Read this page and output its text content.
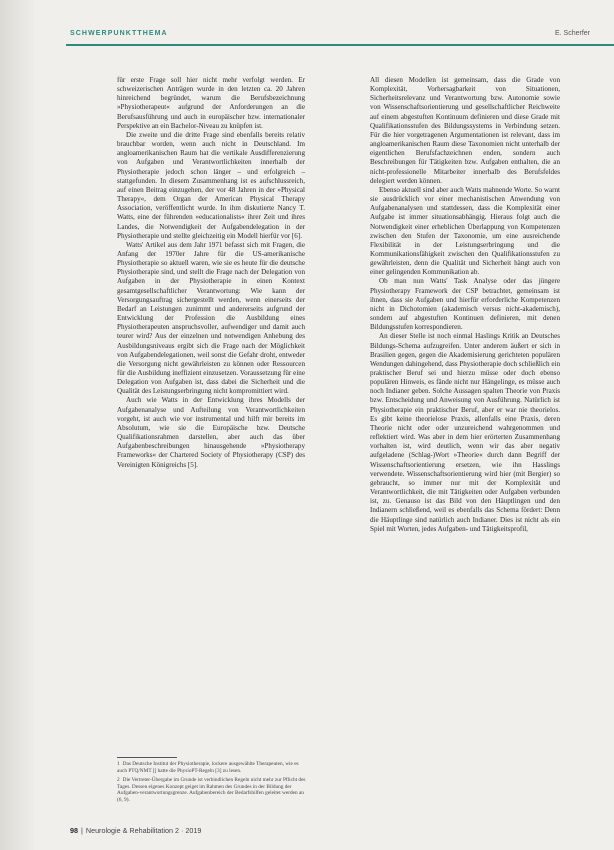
SCHWERPUNKTTHEMA	E. Scherfer

für erste Frage soll hier nicht mehr verfolgt werden. Er schweizerischen Anträgen wurde in den letzten ca. 20 Jahren hinreichend begründet, warum die Berufsbezeichnung »Physiotherapeut« aufgrund der Anforderungen an die Berufsausführung und auch in europäischer bzw. internationaler Perspektive an ein Bachelor-Niveau zu knüpfen ist.

Die zweite und die dritte Frage sind ebenfalls bereits relativ brauchbar worden, wenn auch nicht in Deutschland. Im angloamerikanischen Raum hat die vertikale Ausdifferenzierung von Aufgaben und Verantwortlichkeiten innerhalb der Physiotherapie jedoch schon länger – und erfolgreich – stattgefunden. In diesem Zusammenhang ist es aufschlussreich, auf einen Beitrag einzugehen, der vor 48 Jahren in der »Physical Therapy«, dem Organ der American Physical Therapy Association, veröffentlicht wurde. In ihm diskutierte Nancy T. Watts, eine der führenden »educationalists« ihrer Zeit und ihres Landes, die Notwendigkeit der Aufgabendelegation in der Physiotherapie und stellte gleichzeitig ein Modell hierfür vor [6].

Watts' Artikel aus dem Jahr 1971 befasst sich mit Fragen, die Anfang der 1970er Jahre für die US-amerikanische Physiotherapie so aktuell waren, wie sie es heute für die deutsche Physiotherapie sind, und stellt die Frage nach der Delegation von Aufgaben in der Physiotherapie in einen Kontext gesamtgesellschaftlicher Verantwortung: Wie kann der Versorgungsauftrag sichergestellt werden, wenn einerseits der Bedarf an Leistungen zunimmt und andererseits aufgrund der Entwicklung der Profession die Ausbildung eines Physiotherapeuten anspruchsvoller, aufwendiger und damit auch teurer wird? Aus der einzelnen und notwendigen Anhebung des Ausbildungsniveaus ergibt sich die Frage nach der Möglichkeit von Aufgabendelegationen, weil sonst die Gefahr droht, entweder die Versorgung nicht gewährleisten zu können oder Ressourcen für die Ausbildung ineffizient einzusetzen. Voraussetzung für eine Delegation von Aufgaben ist, dass dabei die Sicherheit und die Qualität des Leistungserbringung nicht kompromittiert wird.

Auch wie Watts in der Entwicklung ihres Modells der Aufgabenanalyse und Aufteilung von Verantwortlichkeiten vorgeht, ist auch wie vor instrumental und hilft mir bereits im Absolutum, wie sie die Europäische bzw. Deutsche Qualifikationsrahmen darstellen, aber auch das über Aufgabenbeschreibungen hinausgehende »Physiotherapy Frameworks« der Chartered Society of Physiotherapy (CSP) des Vereinigten Königreichs [5].

1 Das Deutsche Institut der Physiotherapie, lockere ausgewählte Therapeuten, wie es auch PTQ/NMT [] hatte die PhysioPT-Regeln [3] zu lesen.
2 Die Vertreter-Übergabe im Grunde ist verbindlichen Regeln nicht mehr zur Pflicht des Tages. Dessen eigenes Konzept geiget im Rahmen des Grundes in der Bildung der Aufgaben-verantwortungsgrenze. Aufgabenbereich der Bedarfshilfen geleitet werden an (6, 9).

All diesen Modellen ist gemeinsam, dass die Grade von Komplexität, Vorhersagbarkeit von Situationen, Sicherheitsrelevanz und Verantwortung bzw. Autonomie sowie von Wissenschaftsorientierung und gesellschaftlicher Reichweite auf einem abgestuften Kontinuum definieren und diese Grade mit Qualifikationsstufen des Bildungssystems in Verbindung setzen. Für die hier vorgetragenen Argumentationen ist relevant, dass im angloamerikanischen Raum diese Taxonomien nicht unterhalb der eigentlichen Berufsfachzeichnen enden, sondern auch Beschreibungen für Tätigkeiten bzw. Aufgaben enthalten, die an nicht-professionelle Mitarbeiter innerhalb des Berufsfeldes delegiert werden können.

Ebenso aktuell sind aber auch Watts mahnende Worte. So warnt sie ausdrücklich vor einer mechanistischen Anwendung von Aufgabenanalysen und stattdessen, dass die Komplexität einer Aufgabe ist immer situationsabhängig. Hieraus folgt auch die Notwendigkeit einer erheblichen Überlappung von Kompetenzen zwischen den Stufen der Taxonomie, um eine ausreichende Flexibilität in der Leistungserbringung und die Kommunikationsfähigkeit zwischen den Qualifikationsstufen zu gewährleisten, denn die Qualität und Sicherheit hängt auch von einer gelingenden Kommunikation ab.

Ob man nun Watts' Task Analyse oder das jüngere Physiotherapy Framework der CSP betrachtet, gemeinsam ist ihnen, dass sie Aufgaben und hierfür erforderliche Kompetenzen nicht in Dichotomien (akademisch versus nicht-akademisch), sondern auf abgestuften Kontinuen definieren, mit denen Bildungsstufen korrespondieren.

An dieser Stelle ist noch einmal Haslings Kritik an Deutsches Bildungs-Schema aufzugreifen. Unter anderem äußert er sich in Brasilien gegen, gegen die Akademisierung gerichteten populären Wendungen dahingehend, dass Physiotherapie doch schließlich ein praktischer Beruf sei und hierzu müsse oder doch ebenso populären Hinweis, es fände nicht nur Hängelinge, es müsse auch noch Indianer geben. Solche Aussagen spalten Theorie von Praxis bzw. Entscheidung und Anweisung von Ausführung. Natürlich ist Physiotherapie ein praktischer Beruf, aber er war nie theorielos. Es gibt keine theorielose Praxis, allenfalls eine Praxis, deren Theorie nicht oder oder unzureichend wahrgenommen und reflektiert wird. Was aber in dem hier erörterten Zusammenhang vorhalten ist, wird deutlich, wenn wir das aber negativ aufgeladene (Schlag-)Wort »Theorie« durch dann Begriff der Wissenschaftsorientierung ersetzen, wie ihn Hasslings verwendete. Wissenschaftsorientierung wird hier (mit Bergier) so gebraucht, so immer nur mit der Komplexität und Verantwortlichkeit, die mit Tätigkeiten oder Aufgaben verbunden ist, zu. Genauso ist das Bild von den Häuptlingen und den Indianern schließend, weil es ebenfalls das Schema fördert: Denn die Häuptlinge sind natürlich auch Indianer. Dies ist nicht als ein Spiel mit Worten, jedes Aufgaben- und Tätigkeitsprofil,

98 | Neurologie & Rehabilitation 2 · 2019
